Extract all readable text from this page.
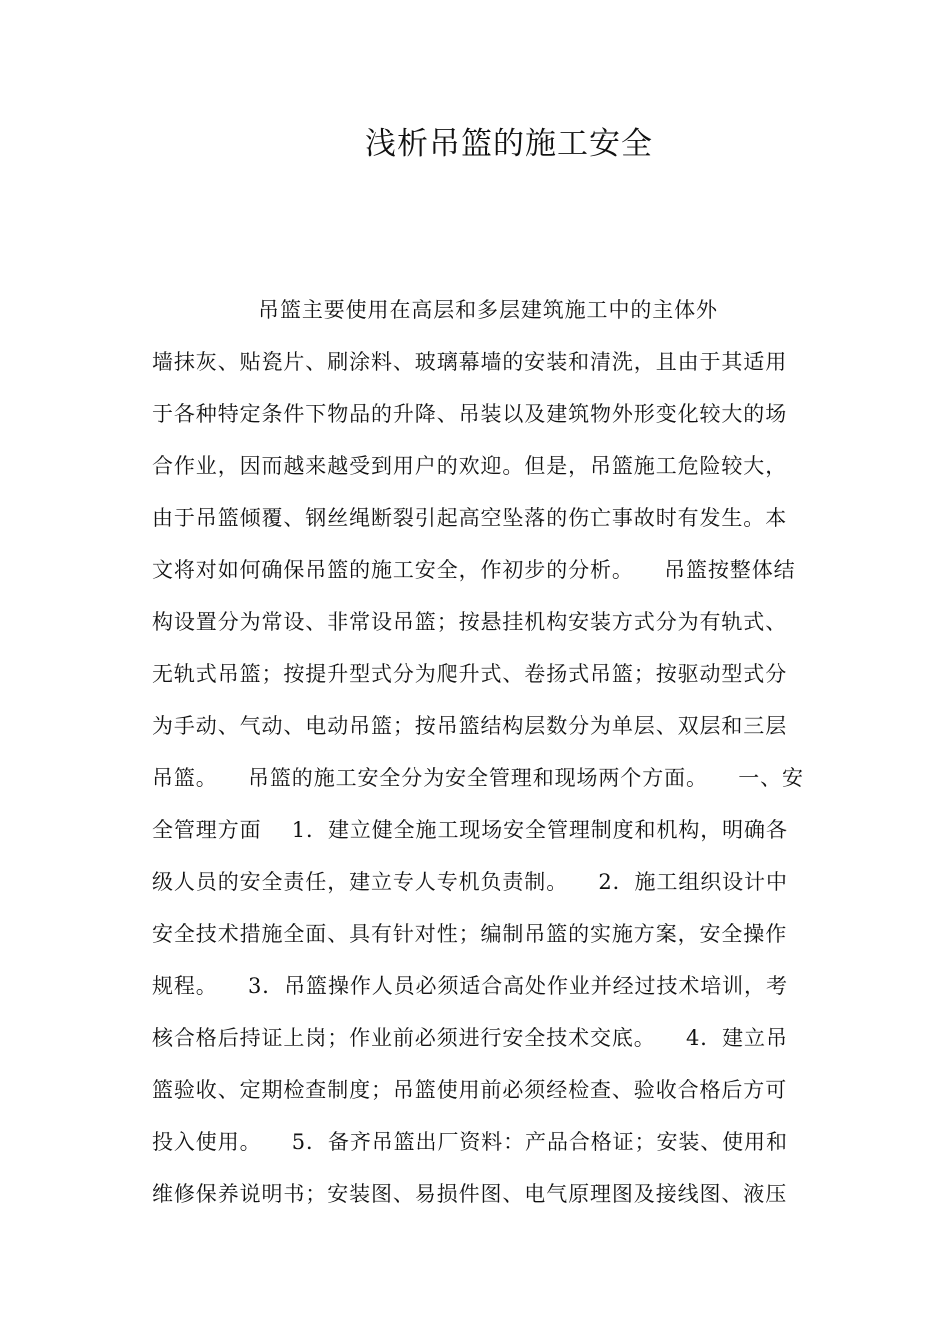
浅析吊篮的施工安全
吊篮主要使用在高层和多层建筑施工中的主体外
墙抹灰、贴瓷片、刷涂料、玻璃幕墙的安装和清洗，且由于其适用
于各种特定条件下物品的升降、吊装以及建筑物外形变化较大的场
合作业，因而越来越受到用户的欢迎。但是，吊篮施工危险较大，
由于吊篮倾覆、钢丝绳断裂引起高空坠落的伤亡事故时有发生。本
文将对如何确保吊篮的施工安全，作初步的分析。    吊篮按整体结
构设置分为常设、非常设吊篮；按悬挂机构安装方式分为有轨式、
无轨式吊篮；按提升型式分为爬升式、卷扬式吊篮；按驱动型式分
为手动、气动、电动吊篮；按吊篮结构层数分为单层、双层和三层
吊篮。    吊篮的施工安全分为安全管理和现场两个方面。    一、安
全管理方面    1．建立健全施工现场安全管理制度和机构，明确各
级人员的安全责任，建立专人专机负责制。    2．施工组织设计中
安全技术措施全面、具有针对性；编制吊篮的实施方案，安全操作
规程。    3．吊篮操作人员必须适合高处作业并经过技术培训，考
核合格后持证上岗；作业前必须进行安全技术交底。    4．建立吊
篮验收、定期检查制度；吊篮使用前必须经检查、验收合格后方可
投入使用。    5．备齐吊篮出厂资料：产品合格证；安装、使用和
维修保养说明书；安装图、易损件图、电气原理图及接线图、液压
